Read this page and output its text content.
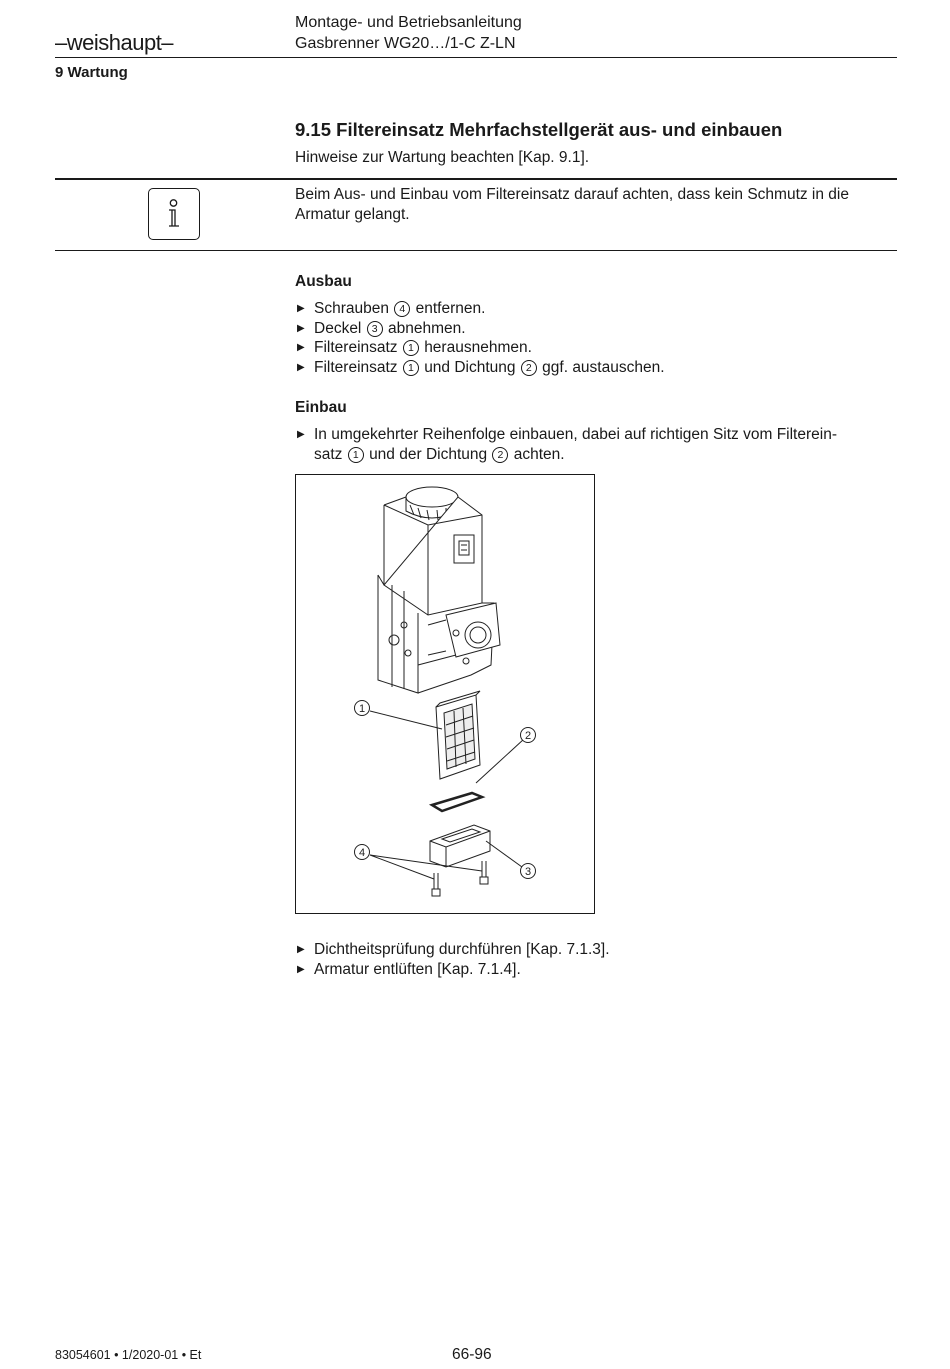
–weishaupt–
Montage- und Betriebsanleitung
Gasbrenner WG20…/1-C Z-LN
9 Wartung
9.15 Filtereinsatz Mehrfachstellgerät aus- und einbauen
Hinweise zur Wartung beachten [Kap. 9.1].
Beim Aus- und Einbau vom Filtereinsatz darauf achten, dass kein Schmutz in die Armatur gelangt.
Ausbau
▶ Schrauben 4 entfernen.
▶ Deckel 3 abnehmen.
▶ Filtereinsatz 1 herausnehmen.
▶ Filtereinsatz 1 und Dichtung 2 ggf. austauschen.
Einbau
▶ In umgekehrter Reihenfolge einbauen, dabei auf richtigen Sitz vom Filterein-
satz 1 und der Dichtung 2 achten.
1
2
3
4
▶ Dichtheitsprüfung durchführen [Kap. 7.1.3].
▶ Armatur entlüften [Kap. 7.1.4].
83054601 • 1/2020-01 • Et	66-96
